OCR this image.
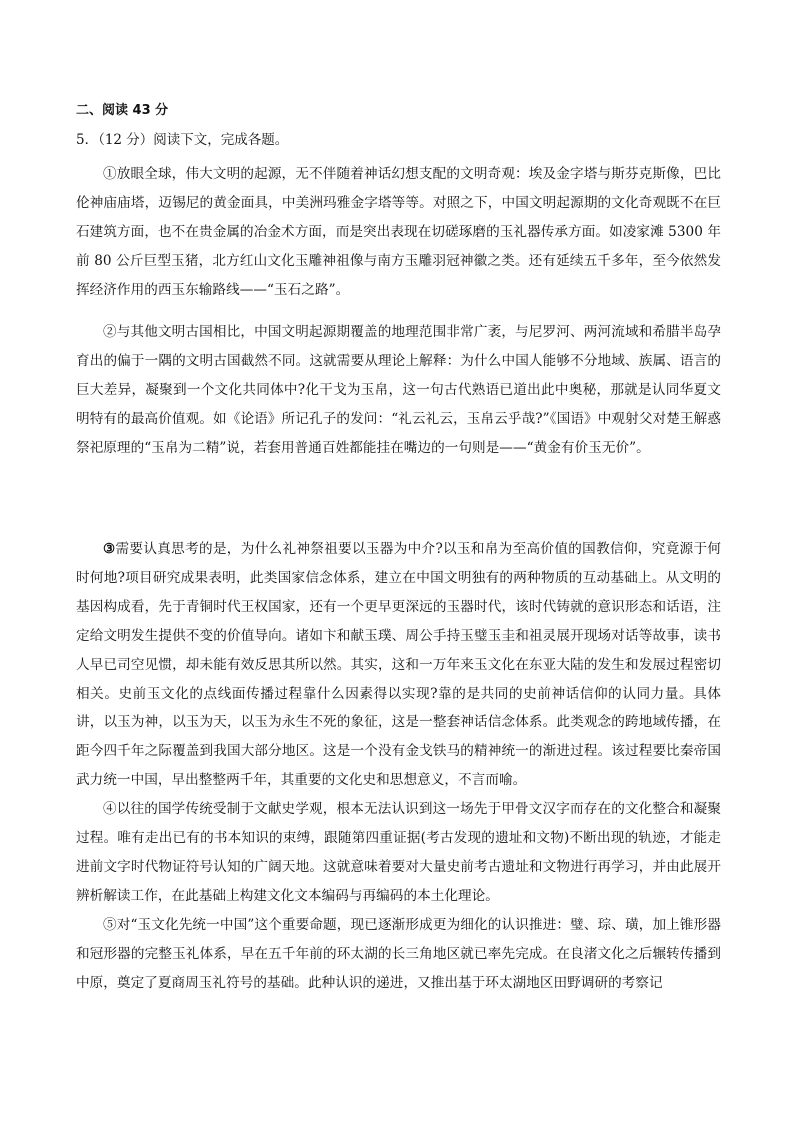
二、阅读 43 分
5．（12 分）阅读下文，完成各题。

①放眼全球，伟大文明的起源，无不伴随着神话幻想支配的文明奇观：埃及金字塔与斯芬克斯像，巴比伦神庙庙塔，迈锡尼的黄金面具，中美洲玛雅金字塔等等。对照之下，中国文明起源期的文化奇观既不在巨石建筑方面，也不在贵金属的冶金术方面，而是突出表现在切磋琢磨的玉礼器传承方面。如凌家滩 5300 年前 80 公斤巨型玉猪，北方红山文化玉雕神祖像与南方玉雕羽冠神徽之类。还有延续五千多年，至今依然发挥经济作用的西玉东输路线——“玉石之路”。

②与其他文明古国相比，中国文明起源期覆盖的地理范围非常广袤，与尼罗河、两河流域和希腊半岛孕育出的偏于一隅的文明古国截然不同。这就需要从理论上解释：为什么中国人能够不分地域、族属、语言的巨大差异，凝聚到一个文化共同体中?化干戈为玉帛，这一句古代熟语已道出此中奥秘，那就是认同华夏文明特有的最高价值观。如《论语》所记孔子的发问：“礼云礼云，玉帛云乎哉?”《国语》中观射父对楚王解惑祭祀原理的“玉帛为二精”说，若套用普通百姓都能挂在嘴边的一句则是——“黄金有价玉无价”。

③需要认真思考的是，为什么礼神祭祖要以玉器为中介?以玉和帛为至高价值的国教信仰，究竟源于何时何地?项目研究成果表明，此类国家信念体系，建立在中国文明独有的两种物质的互动基础上。从文明的基因构成看，先于青铜时代王权国家，还有一个更早更深远的玉器时代，该时代铸就的意识形态和话语，注定给文明发生提供不变的价值导向。诸如卞和献玉璞、周公手持玉璧玉圭和祖灵展开现场对话等故事，读书人早已司空见惯，却未能有效反思其所以然。其实，这和一万年来玉文化在东亚大陆的发生和发展过程密切相关。史前玉文化的点线面传播过程靠什么因素得以实现?靠的是共同的史前神话信仰的认同力量。具体讲，以玉为神，以玉为天，以玉为永生不死的象征，这是一整套神话信念体系。此类观念的跨地域传播，在距今四千年之际覆盖到我国大部分地区。这是一个没有金戈铁马的精神统一的渐进过程。该过程要比秦帝国武力统一中国，早出整整两千年，其重要的文化史和思想意义，不言而喻。

④以往的国学传统受制于文献史学观，根本无法认识到这一场先于甲骨文汉字而存在的文化整合和凝聚过程。唯有走出已有的书本知识的束缚，跟随第四重证据(考古发现的遗址和文物)不断出现的轨迹，才能走进前文字时代物证符号认知的广阔天地。这就意味着要对大量史前考古遗址和文物进行再学习，并由此展开辨析解读工作，在此基础上构建文化文本编码与再编码的本土化理论。

⑤对“玉文化先统一中国”这个重要命题，现已逐渐形成更为细化的认识推进：璧、琮、璜，加上锥形器和冠形器的完整玉礼体系，早在五千年前的环太湖的长三角地区就已率先完成。在良渚文化之后辗转传播到中原，奠定了夏商周玉礼符号的基础。此种认识的递进，又推出基于环太湖地区田野调研的考察记
